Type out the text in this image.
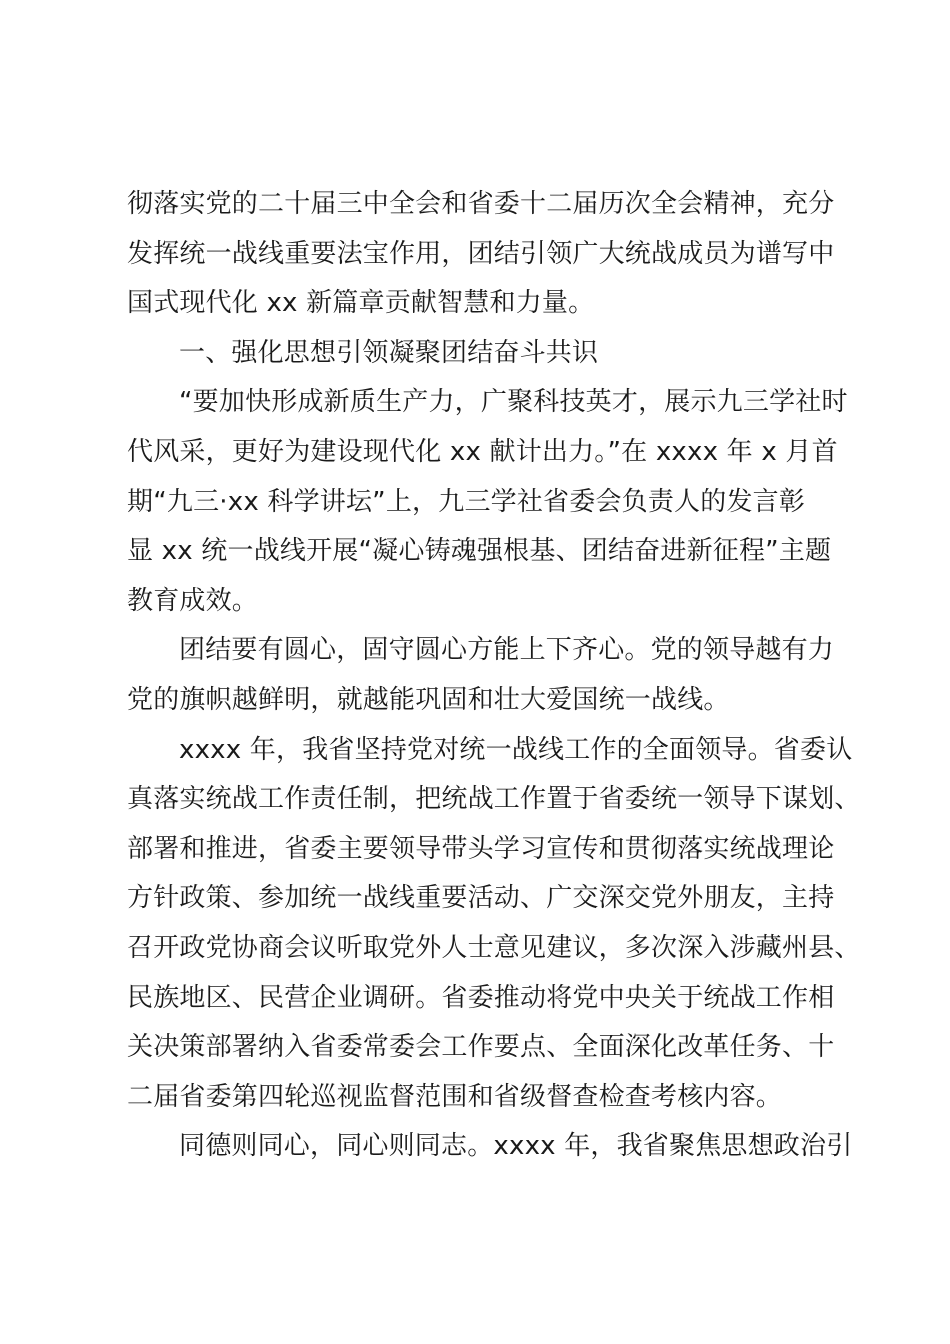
彻落实党的二十届三中全会和省委十二届历次全会精神，充分
发挥统一战线重要法宝作用，团结引领广大统战成员为谱写中
国式现代化 xx 新篇章贡献智慧和力量。

一、强化思想引领凝聚团结奋斗共识

“要加快形成新质生产力，广聚科技英才，展示九三学社时
代风采，更好为建设现代化 xx 献计出力。”在 xxxx 年 x 月首
期“九三·xx 科学讲坛”上，九三学社省委会负责人的发言彰
显 xx 统一战线开展“凝心铸魂强根基、团结奋进新征程”主题
教育成效。

团结要有圆心，固守圆心方能上下齐心。党的领导越有力
党的旗帜越鲜明，就越能巩固和壮大爱国统一战线。

xxxx 年，我省坚持党对统一战线工作的全面领导。省委认
真落实统战工作责任制，把统战工作置于省委统一领导下谋划、
部署和推进，省委主要领导带头学习宣传和贯彻落实统战理论
方针政策、参加统一战线重要活动、广交深交党外朋友，主持
召开政党协商会议听取党外人士意见建议，多次深入涉藏州县、
民族地区、民营企业调研。省委推动将党中央关于统战工作相
关决策部署纳入省委常委会工作要点、全面深化改革任务、十
二届省委第四轮巡视监督范围和省级督查检查考核内容。

同德则同心，同心则同志。xxxx 年，我省聚焦思想政治引
